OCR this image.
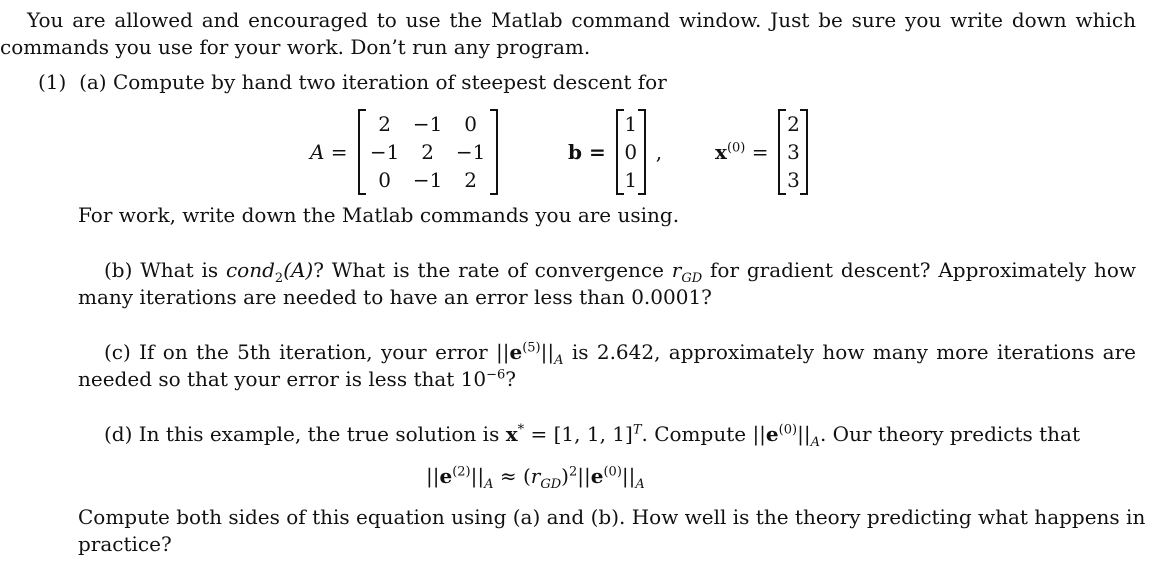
You are allowed and encouraged to use the Matlab command window. Just be sure you write down which
commands you use for your work. Don’t run any program.
(1) (a) Compute by hand two iteration of steepest descent for
A =
2	−1	0
−1	2	−1
0	−1	2
b =
1
0
1
,	$x^{(0)}$ =
2
3
3
For work, write down the Matlab commands you are using.
(b) What is cond$_2$(A)? What is the rate of convergence $r_{GD}$ for gradient descent? Approximately how
many iterations are needed to have an error less than 0.0001?
(c) If on the 5th iteration, your error $||e^{(5)}||_A$ is 2.642, approximately how many more iterations are
needed so that your error is less that $10^{-6}$?
(d) In this example, the true solution is x* = [1, 1, 1]$^T$. Compute $||e^{(0)}||_A$. Our theory predicts that
$||e^{(2)}||_A \approx (r_{GD})^2||e^{(0)}||_A$
Compute both sides of this equation using (a) and (b). How well is the theory predicting what happens in
practice?
